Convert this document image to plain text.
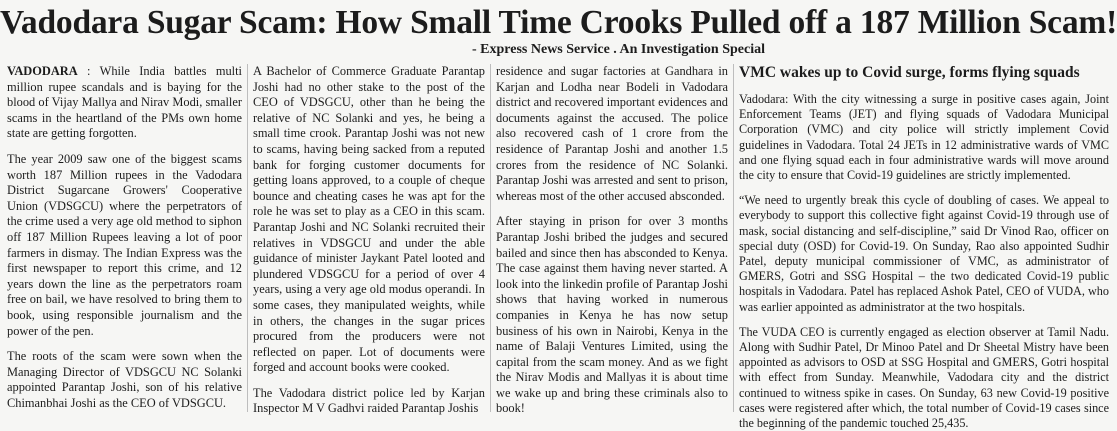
Vadodara Sugar Scam: How Small Time Crooks Pulled off a 187 Million Scam!
- Express News Service . An Investigation Special

VADODARA : While India battles multi million rupee scandals and is baying for the blood of Vijay Mallya and Nirav Modi, smaller scams in the heartland of the PMs own home state are getting forgotten.

The year 2009 saw one of the biggest scams worth 187 Million rupees in the Vadodara District Sugarcane Growers' Cooperative Union (VDSGCU) where the perpetrators of the crime used a very age old method to siphon off 187 Million Rupees leaving a lot of poor farmers in dismay. The Indian Express was the first newspaper to report this crime, and 12 years down the line as the perpetrators roam free on bail, we have resolved to bring them to book, using responsible journalism and the power of the pen.

The roots of the scam were sown when the Managing Director of VDSGCU NC Solanki appointed Parantap Joshi, son of his relative Chimanbhai Joshi as the CEO of VDSGCU.

A Bachelor of Commerce Graduate Parantap Joshi had no other stake to the post of the CEO of VDSGCU, other than he being the relative of NC Solanki and yes, he being a small time crook. Parantap Joshi was not new to scams, having being sacked from a reputed bank for forging customer documents for getting loans approved, to a couple of cheque bounce and cheating cases he was apt for the role he was set to play as a CEO in this scam. Parantap Joshi and NC Solanki recruited their relatives in VDSGCU and under the able guidance of minister Jaykant Patel looted and plundered VDSGCU for a period of over 4 years, using a very age old modus operandi. In some cases, they manipulated weights, while in others, the changes in the sugar prices procured from the producers were not reflected on paper. Lot of documents were forged and account books were cooked.

The Vadodara district police led by Karjan Inspector M V Gadhvi raided Parantap Joshis

residence and sugar factories at Gandhara in Karjan and Lodha near Bodeli in Vadodara district and recovered important evidences and documents against the accused. The police also recovered cash of 1 crore from the residence of Parantap Joshi and another 1.5 crores from the residence of NC Solanki. Parantap Joshi was arrested and sent to prison, whereas most of the other accused absconded.

After staying in prison for over 3 months Parantap Joshi bribed the judges and secured bailed and since then has absconded to Kenya. The case against them having never started. A look into the linkedin profile of Parantap Joshi shows that having worked in numerous companies in Kenya he has now setup business of his own in Nairobi, Kenya in the name of Balaji Ventures Limited, using the capital from the scam money. And as we fight the Nirav Modis and Mallyas it is about time we wake up and bring these criminals also to book!

VMC wakes up to Covid surge, forms flying squads

Vadodara: With the city witnessing a surge in positive cases again, Joint Enforcement Teams (JET) and flying squads of Vadodara Municipal Corporation (VMC) and city police will strictly implement Covid guidelines in Vadodara. Total 24 JETs in 12 administrative wards of VMC and one flying squad each in four administrative wards will move around the city to ensure that Covid-19 guidelines are strictly implemented.

“We need to urgently break this cycle of doubling of cases. We appeal to everybody to support this collective fight against Covid-19 through use of mask, social distancing and self-discipline,” said Dr Vinod Rao, officer on special duty (OSD) for Covid-19. On Sunday, Rao also appointed Sudhir Patel, deputy municipal commissioner of VMC, as administrator of GMERS, Gotri and SSG Hospital – the two dedicated Covid-19 public hospitals in Vadodara. Patel has replaced Ashok Patel, CEO of VUDA, who was earlier appointed as administrator at the two hospitals.

The VUDA CEO is currently engaged as election observer at Tamil Nadu. Along with Sudhir Patel, Dr Minoo Patel and Dr Sheetal Mistry have been appointed as advisors to OSD at SSG Hospital and GMERS, Gotri hospital with effect from Sunday. Meanwhile, Vadodara city and the district continued to witness spike in cases. On Sunday, 63 new Covid-19 positive cases were registered after which, the total number of Covid-19 cases since the beginning of the pandemic touched 25,435.
